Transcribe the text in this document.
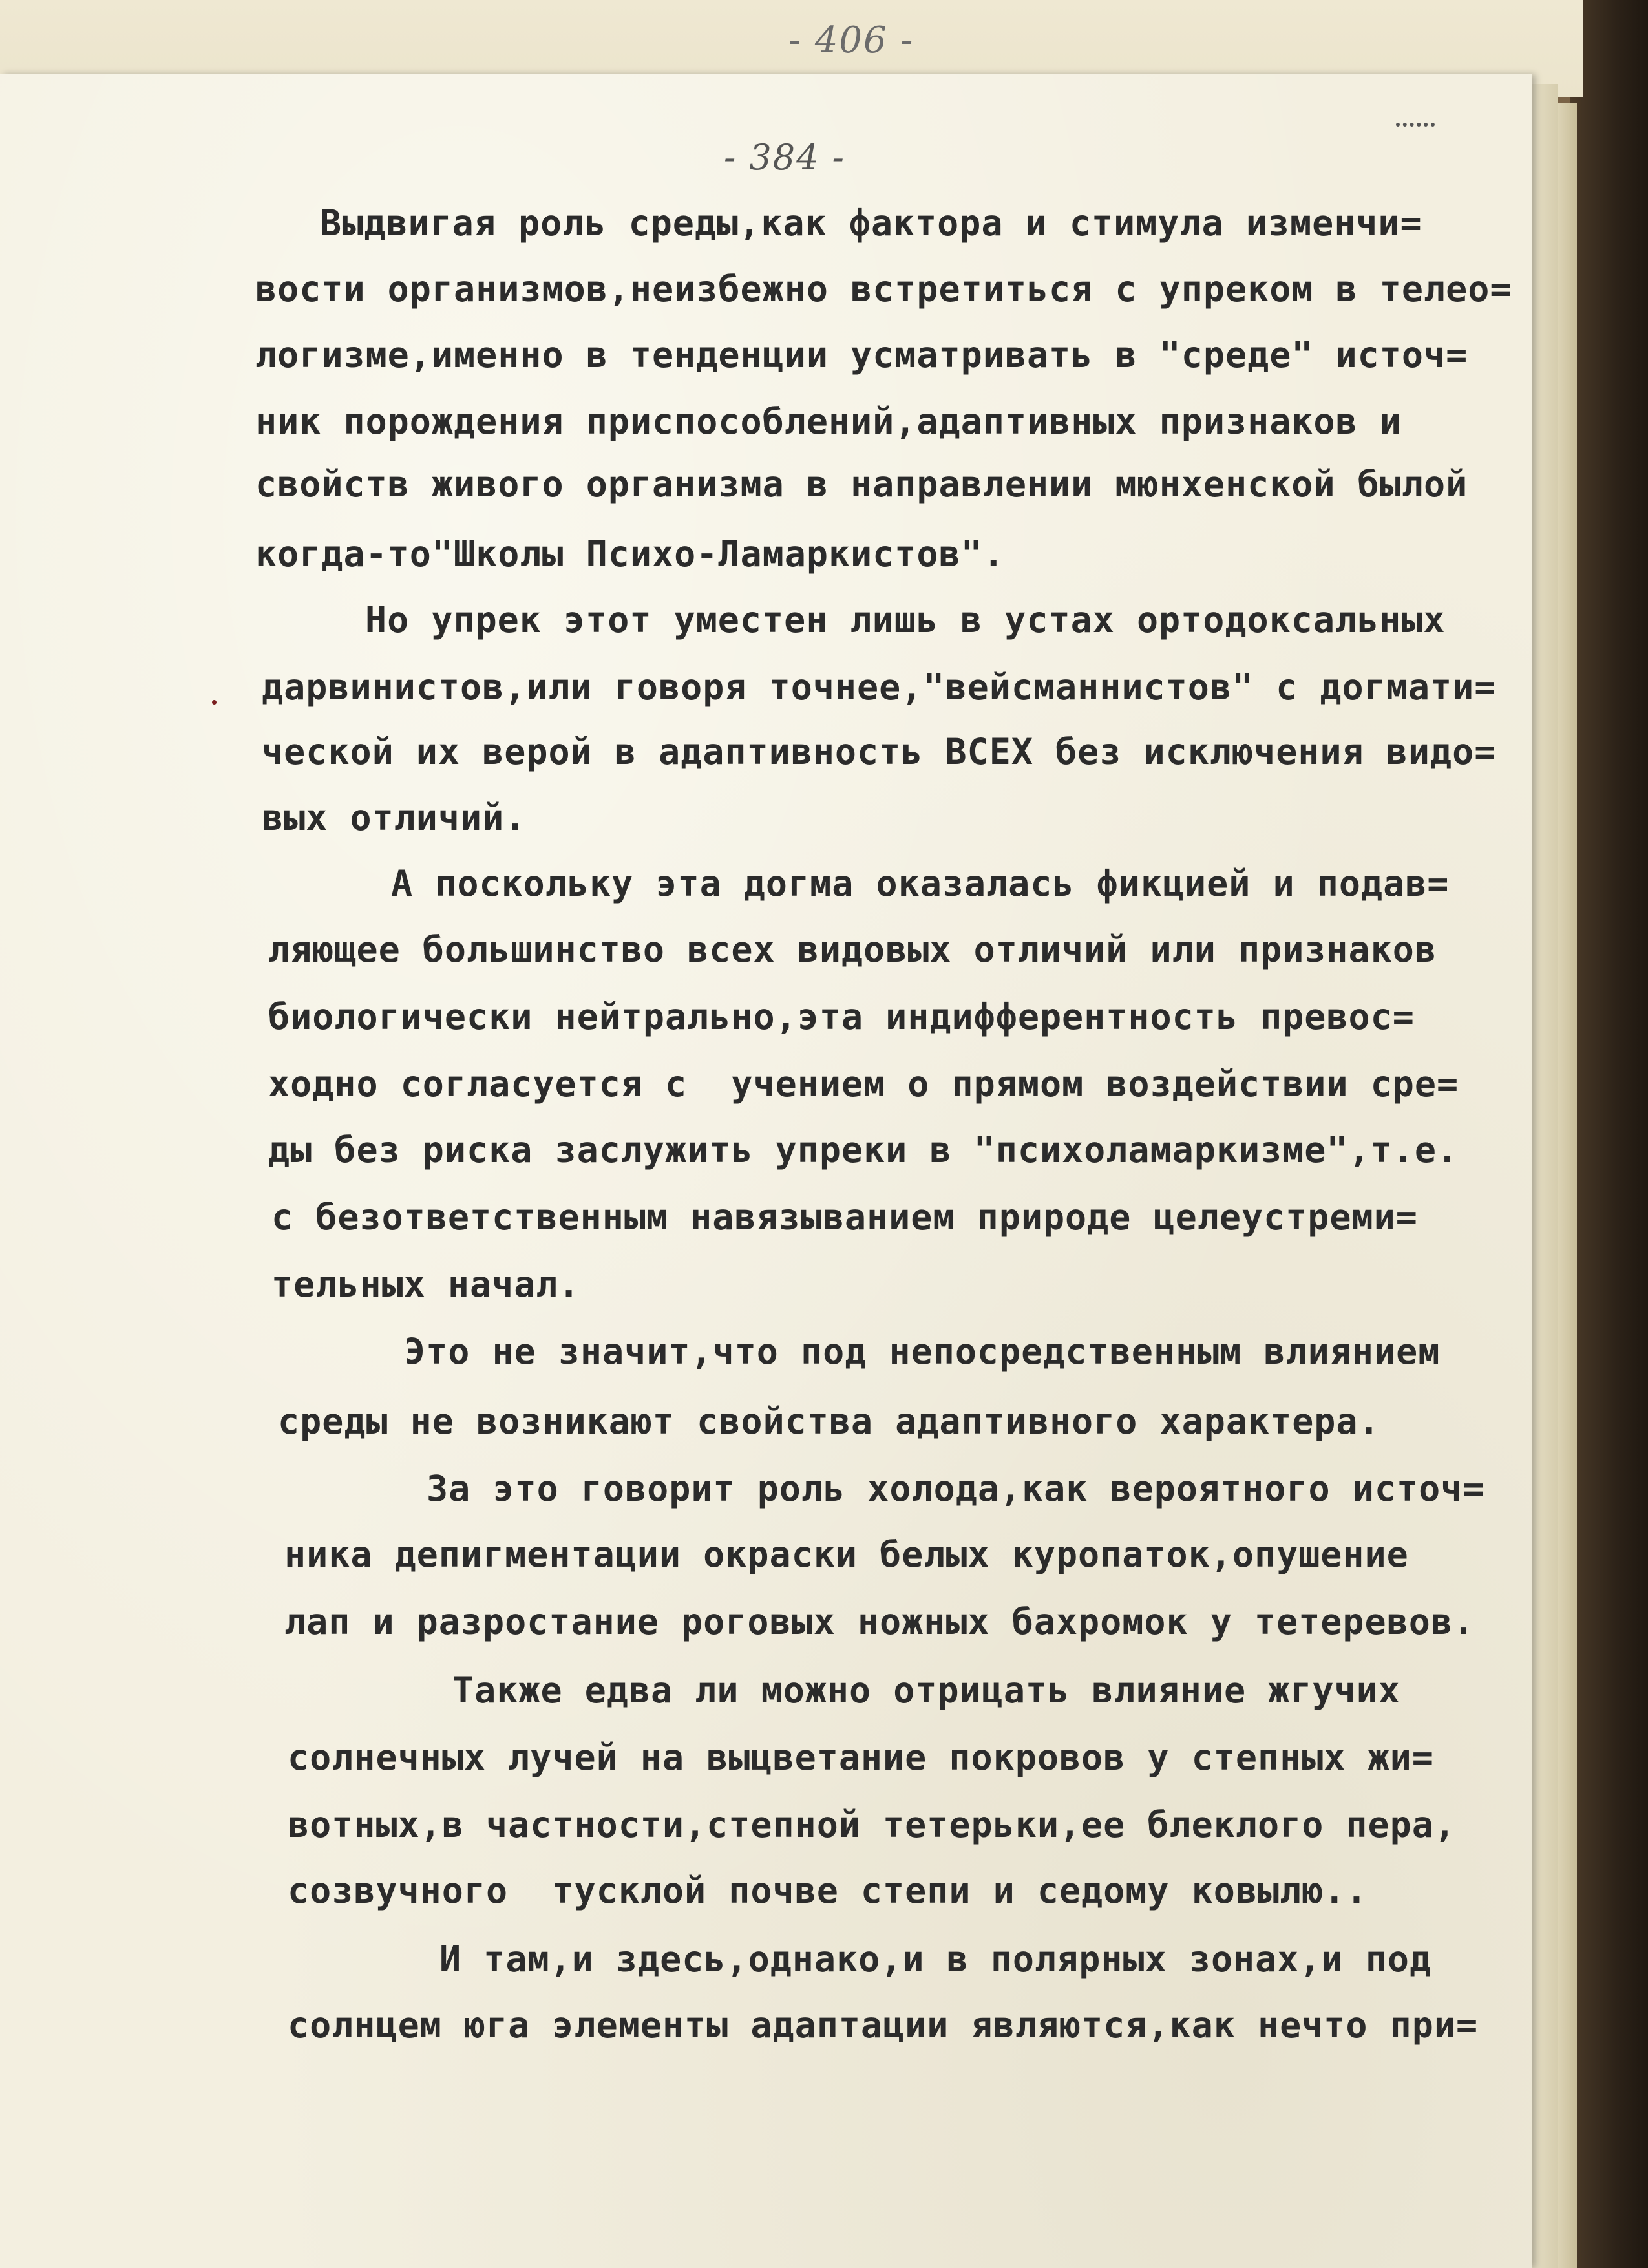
- 406 -
- 384 -
Выдвигая роль среды,как фактора и стимула изменчи=
вости организмов,неизбежно встретиться с упреком в телео=
логизме,именно в тенденции усматривать в "среде" источ=
ник порождения приспособлений,адаптивных признаков и
свойств живого организма в направлении мюнхенской былой
когда-то"Школы Психо-Ламаркистов".
Но упрек этот уместен лишь в устах ортодоксальных
дарвинистов,или говоря точнее,"вейсманнистов" с догмати=
ческой их верой в адаптивность ВСЕХ без исключения видо=
вых отличий.
А поскольку эта догма оказалась фикцией и подав=
ляющее большинство всех видовых отличий или признаков
биологически нейтрально,эта индифферентность превос=
ходно согласуется с  учением о прямом воздействии сре=
ды без риска заслужить упреки в "психоламаркизме",т.е.
с безответственным навязыванием природе целеустреми=
тельных начал.
Это не значит,что под непосредственным влиянием
среды не возникают свойства адаптивного характера.
За это говорит роль холода,как вероятного источ=
ника депигментации окраски белых куропаток,опушение
лап и разростание роговых ножных бахромок у тетеревов.
Также едва ли можно отрицать влияние жгучих
солнечных лучей на выцветание покровов у степных жи=
вотных,в частности,степной тетерьки,ее блеклого пера,
созвучного  тусклой почве степи и седому ковылю..
И там,и здесь,однако,и в полярных зонах,и под
солнцем юга элементы адаптации являются,как нечто при=
